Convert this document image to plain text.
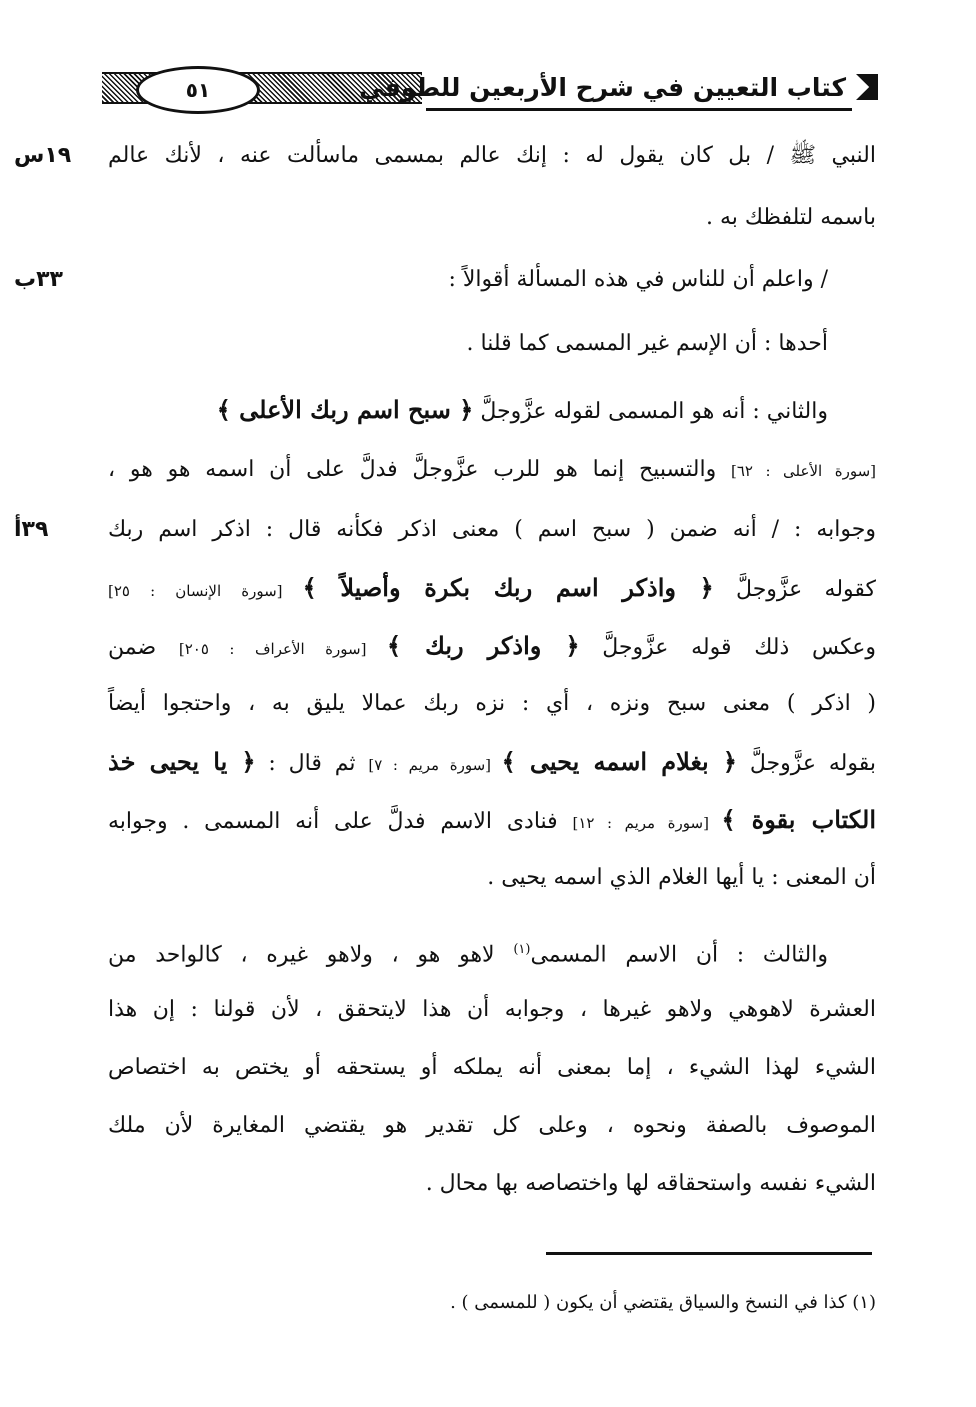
٥١	كتاب التعيين في شرح الأربعين للطوفي
١٩س
٣٣ب
٣٩أ
النبي ﷺ / بل كان يقول له : إنك عالم بمسمى ماسألت عنه ، لأنك عالم
باسمه لتلفظك به .
/ واعلم أن للناس في هذه المسألة أقوالاً :
أحدها : أن الإسم غير المسمى كما قلنا .
والثاني : أنه هو المسمى لقوله عزَّوجلَّ ﴿ سبح اسم ربك الأعلى ﴾
[سورة الأعلى : ٦٢] والتسبيح إنما هو للرب عزَّوجلَّ فدلَّ على أن اسمه هو هو ،
وجوابه : / أنه ضمن ( سبح اسم ) معنى اذكر فكأنه قال : اذكر اسم ربك
كقوله عزَّوجلَّ ﴿ واذكر اسم ربك بكرة وأصيلاً ﴾ [سورة الإنسان : ٢٥]
وعكس ذلك قوله عزَّوجلَّ ﴿ واذكر ربك ﴾ [سورة الأعراف : ٢٠٥] ضمن
( اذكر ) معنى سبح ونزه ، أي : نزه ربك عمالا يليق به ، واحتجوا أيضاً
بقوله عزَّوجلَّ ﴿ بغلام اسمه يحيى ﴾ [سورة مريم : ٧] ثم قال : ﴿ يا يحيى خذ
الكتاب بقوة ﴾ [سورة مريم : ١٢] فنادى الاسم فدلَّ على أنه المسمى . وجوابه
أن المعنى : يا أيها الغلام الذي اسمه يحيى .
والثالث : أن الاسم المسمى$^{(١)}$ لاهو هو ، ولاهو غيره ، كالواحد من
العشرة لاهوهي ولاهو غيرها ، وجوابه أن هذا لايتحقق ، لأن قولنا : إن هذا
الشيء لهذا الشيء ، إما بمعنى أنه يملكه أو يستحقه أو يختص به اختصاص
الموصوف بالصفة ونحوه ، وعلى كل تقدير هو يقتضي المغايرة لأن ملك
الشيء نفسه واستحقاقه لها واختصاصه بها محال .
(١) كذا في النسخ والسياق يقتضي أن يكون ( للمسمى ) .
